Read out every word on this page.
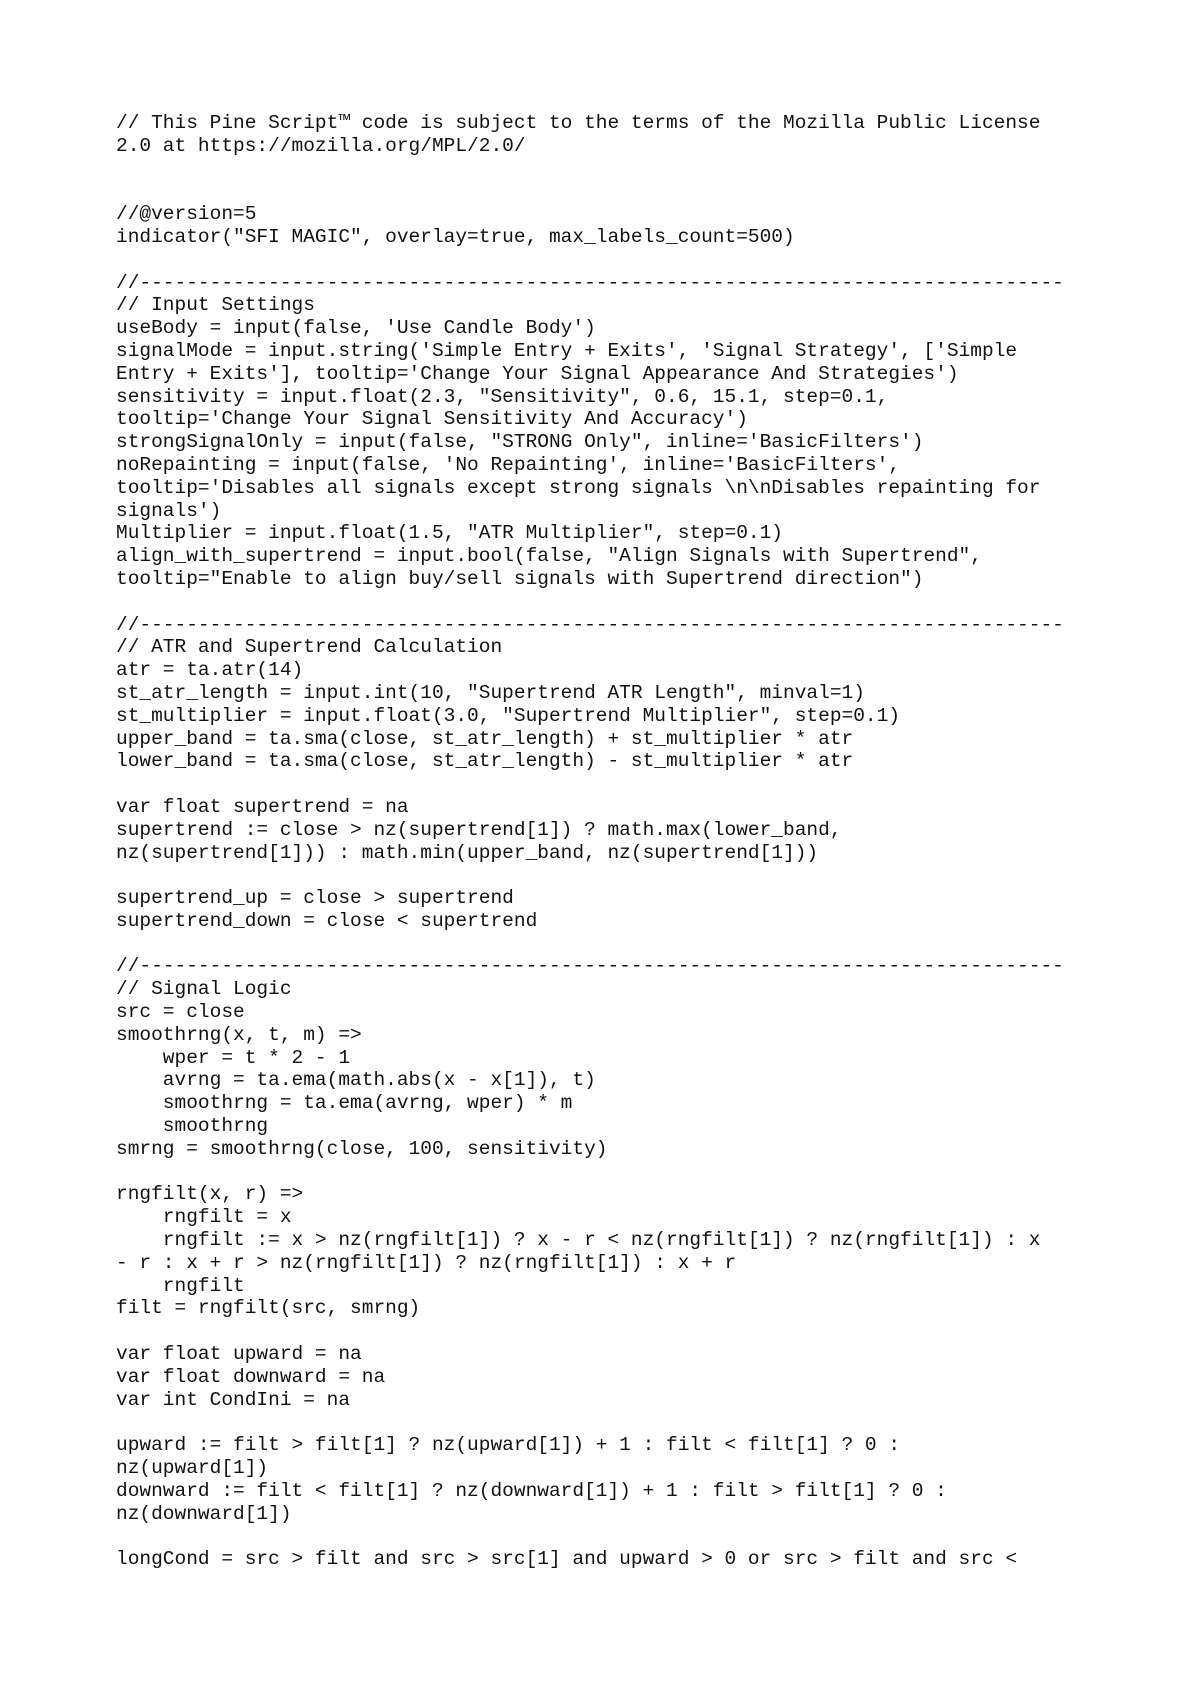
// This Pine Script™ code is subject to the terms of the Mozilla Public License
2.0 at https://mozilla.org/MPL/2.0/

//@version=5
indicator("SFI MAGIC", overlay=true, max_labels_count=500)

//-------------------------------------------------------------------------------
// Input Settings
useBody = input(false, 'Use Candle Body')
signalMode = input.string('Simple Entry + Exits', 'Signal Strategy', ['Simple
Entry + Exits'], tooltip='Change Your Signal Appearance And Strategies')
sensitivity = input.float(2.3, "Sensitivity", 0.6, 15.1, step=0.1,
tooltip='Change Your Signal Sensitivity And Accuracy')
strongSignalOnly = input(false, "STRONG Only", inline='BasicFilters')
noRepainting = input(false, 'No Repainting', inline='BasicFilters',
tooltip='Disables all signals except strong signals \n\nDisables repainting for
signals')
Multiplier = input.float(1.5, "ATR Multiplier", step=0.1)
align_with_supertrend = input.bool(false, "Align Signals with Supertrend",
tooltip="Enable to align buy/sell signals with Supertrend direction")

//-------------------------------------------------------------------------------
// ATR and Supertrend Calculation
atr = ta.atr(14)
st_atr_length = input.int(10, "Supertrend ATR Length", minval=1)
st_multiplier = input.float(3.0, "Supertrend Multiplier", step=0.1)
upper_band = ta.sma(close, st_atr_length) + st_multiplier * atr
lower_band = ta.sma(close, st_atr_length) - st_multiplier * atr

var float supertrend = na
supertrend := close > nz(supertrend[1]) ? math.max(lower_band,
nz(supertrend[1])) : math.min(upper_band, nz(supertrend[1]))

supertrend_up = close > supertrend
supertrend_down = close < supertrend

//-------------------------------------------------------------------------------
// Signal Logic
src = close
smoothrng(x, t, m) =>
wper = t * 2 - 1
avrng = ta.ema(math.abs(x - x[1]), t)
smoothrng = ta.ema(avrng, wper) * m
smoothrng
smrng = smoothrng(close, 100, sensitivity)

rngfilt(x, r) =>
rngfilt = x
rngfilt := x > nz(rngfilt[1]) ? x - r < nz(rngfilt[1]) ? nz(rngfilt[1]) : x
- r : x + r > nz(rngfilt[1]) ? nz(rngfilt[1]) : x + r
rngfilt
filt = rngfilt(src, smrng)

var float upward = na
var float downward = na
var int CondIni = na

upward := filt > filt[1] ? nz(upward[1]) + 1 : filt < filt[1] ? 0 :
nz(upward[1])
downward := filt < filt[1] ? nz(downward[1]) + 1 : filt > filt[1] ? 0 :
nz(downward[1])

longCond = src > filt and src > src[1] and upward > 0 or src > filt and src <
